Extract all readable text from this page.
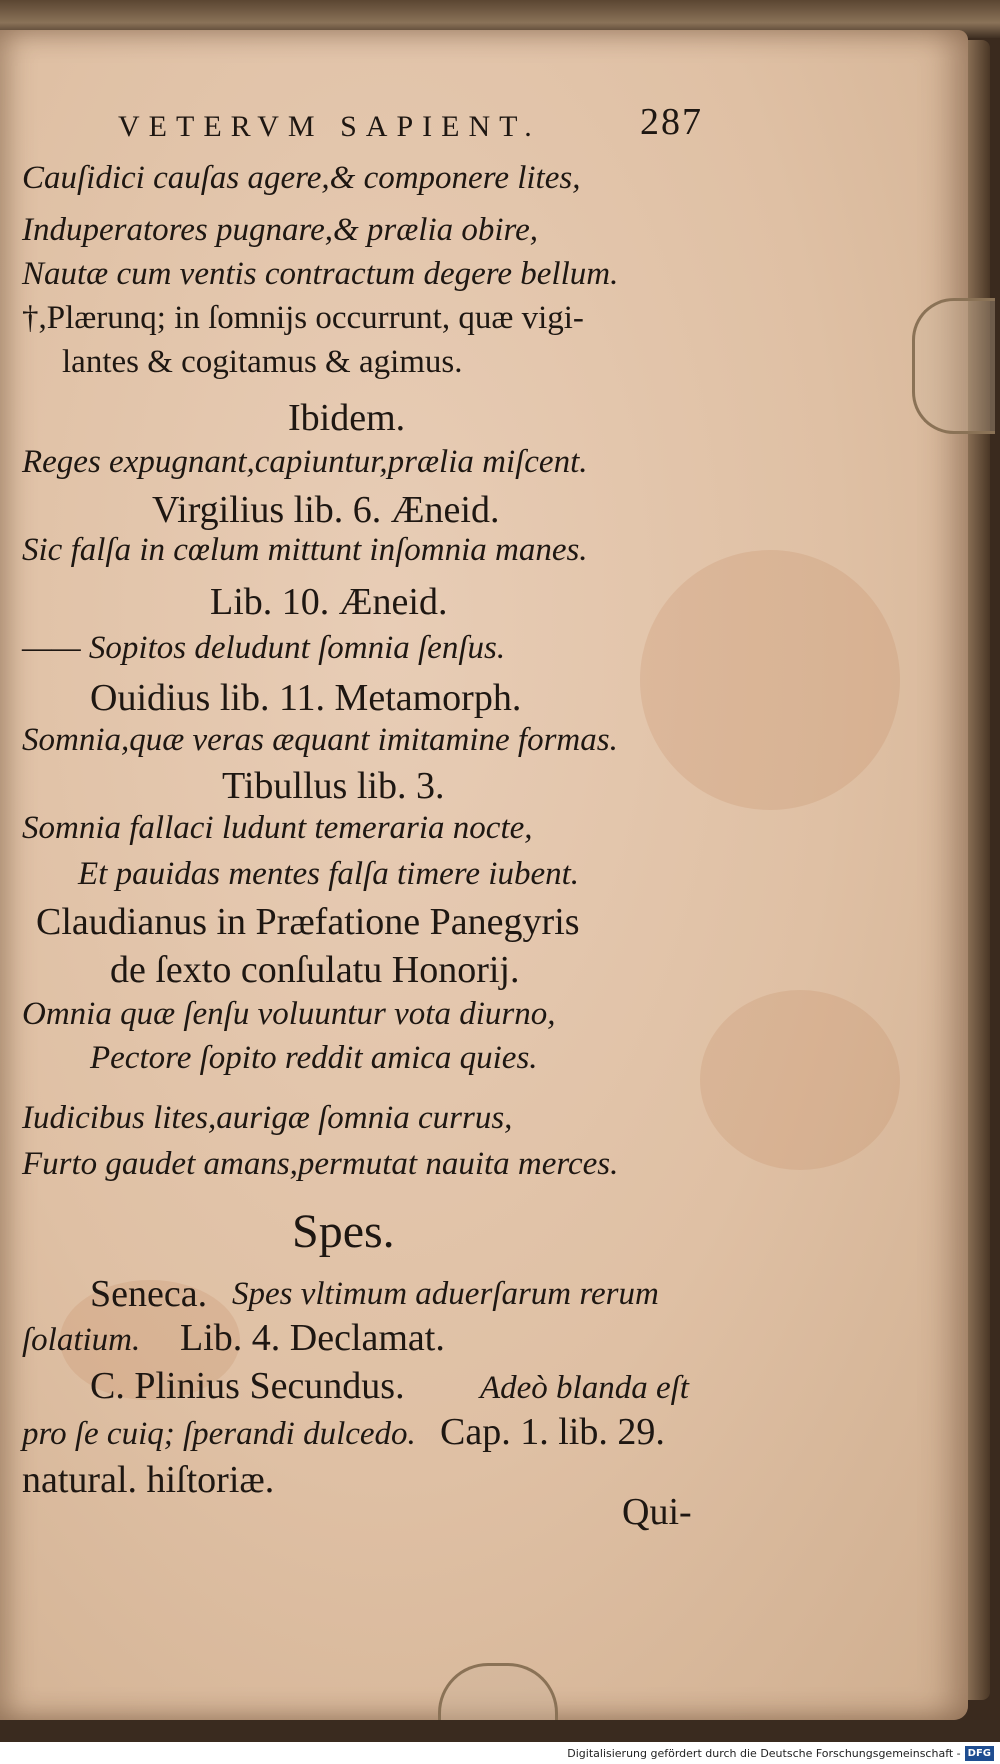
VETERVM SAPIENT.	287
Cauſidici cauſas agere,& componere lites,
Induperatores pugnare,& prælia obire,
Nautæ cum ventis contractum degere bellum.
†,Plærunq; in ſomnijs occurrunt, quæ vigi-
lantes & cogitamus & agimus.
Ibidem.
Reges expugnant,capiuntur,prælia miſcent.
Virgilius lib. 6. Æneid.
Sic falſa in cœlum mittunt inſomnia manes.
Lib. 10. Æneid.
—— Sopitos deludunt ſomnia ſenſus.
Ouidius lib. 11. Metamorph.
Somnia,quæ veras æquant imitamine formas.
Tibullus lib. 3.
Somnia fallaci ludunt temeraria nocte,
Et pauidas mentes falſa timere iubent.
Claudianus in Præfatione Panegyris
de ſexto conſulatu Honorij.
Omnia quæ ſenſu voluuntur vota diurno,
Pectore ſopito reddit amica quies.
Iudicibus lites,aurigæ ſomnia currus,
Furto gaudet amans,permutat nauita merces.
Spes.
Seneca. Spes vltimum aduerſarum rerum
ſolatium. Lib. 4. Declamat.
C. Plinius Secundus. Adeò blanda eſt
pro ſe cuiq; ſperandi dulcedo. Cap. 1. lib. 29.
natural. hiſtoriæ.
Qui-
Digitalisierung gefördert durch die Deutsche Forschungsgemeinschaft - DFG
